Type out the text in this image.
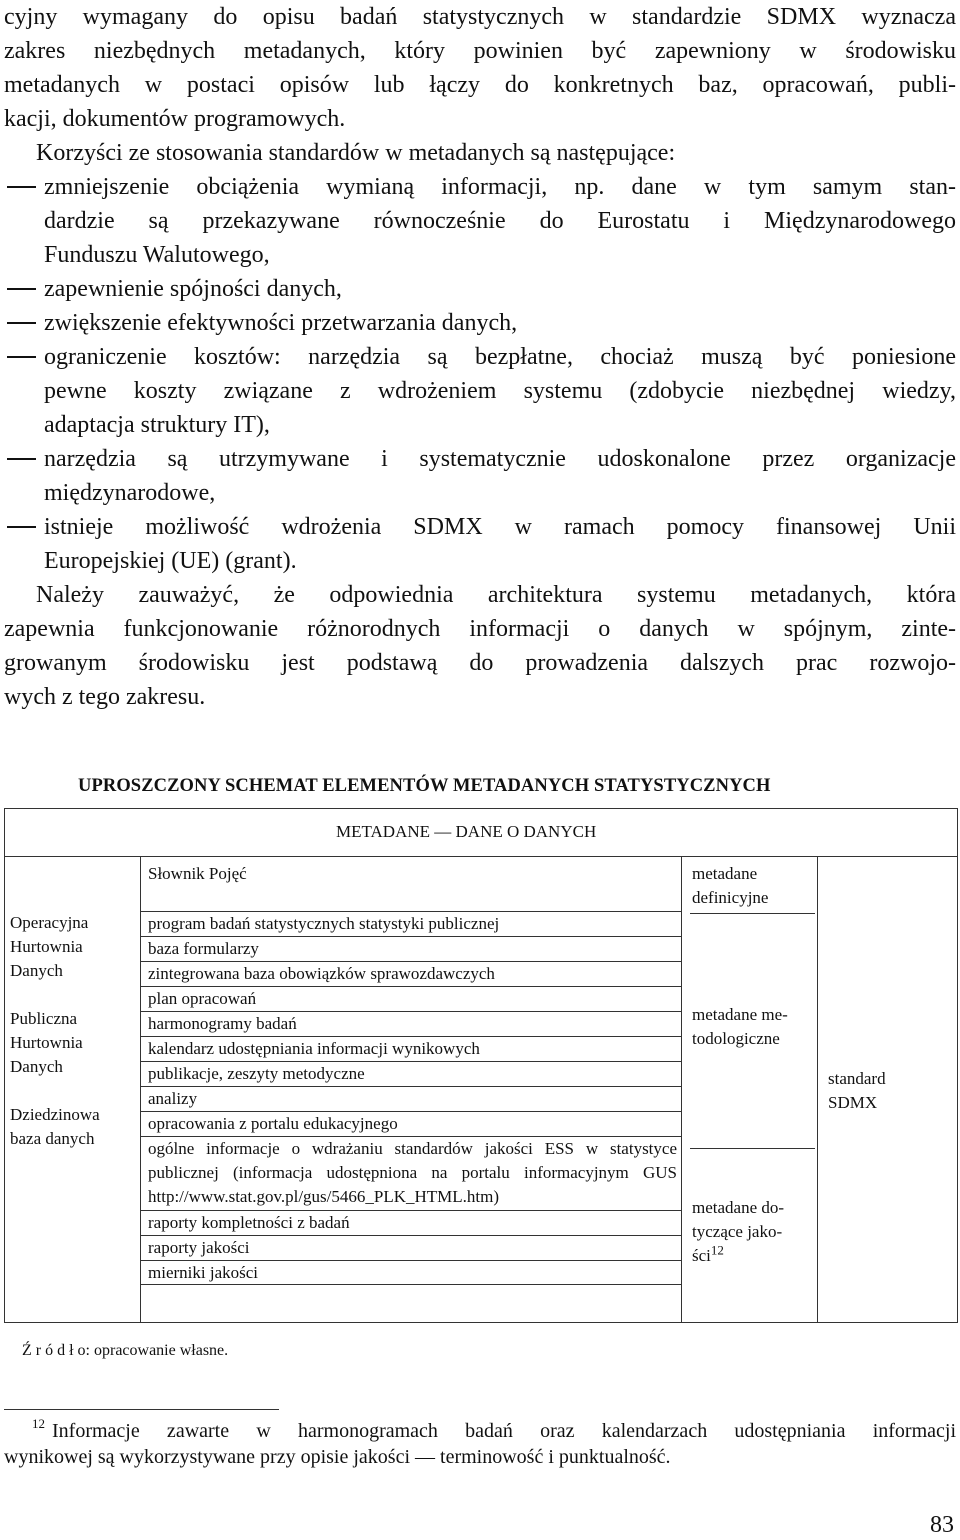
cyjny wymagany do opisu badań statystycznych w standardzie SDMX wyznacza
zakres niezbędnych metadanych, który powinien być zapewniony w środowisku
metadanych w postaci opisów lub łączy do konkretnych baz, opracowań, publi-
kacji, dokumentów programowych.
Korzyści ze stosowania standardów w metadanych są następujące:
zmniejszenie obciążenia wymianą informacji, np. dane w tym samym stan-
dardzie są przekazywane równocześnie do Eurostatu i Międzynarodowego
Funduszu Walutowego,
zapewnienie spójności danych,
zwiększenie efektywności przetwarzania danych,
ograniczenie kosztów: narzędzia są bezpłatne, chociaż muszą być poniesione
pewne koszty związane z wdrożeniem systemu (zdobycie niezbędnej wiedzy,
adaptacja struktury IT),
narzędzia są utrzymywane i systematycznie udoskonalone przez organizacje
międzynarodowe,
istnieje możliwość wdrożenia SDMX w ramach pomocy finansowej Unii
Europejskiej (UE) (grant).
Należy zauważyć, że odpowiednia architektura systemu metadanych, która
zapewnia funkcjonowanie różnorodnych informacji o danych w spójnym, zinte-
growanym środowisku jest podstawą do prowadzenia dalszych prac rozwojo-
wych z tego zakresu.
UPROSZCZONY SCHEMAT ELEMENTÓW METADANYCH STATYSTYCZNYCH
METADANE — DANE O DANYCH
Operacyjna
Hurtownia
Danych
Publiczna
Hurtownia
Danych
Dziedzinowa
baza danych
Słownik Pojęć
program badań statystycznych statystyki publicznej
baza formularzy
zintegrowana baza obowiązków sprawozdawczych
plan opracowań
harmonogramy badań
kalendarz udostępniania informacji wynikowych
publikacje, zeszyty metodyczne
analizy
opracowania z portalu edukacyjnego
ogólne informacje o wdrażaniu standardów jakości ESS w statystyce publicznej (informacja udostępniona na portalu informacyjnym GUS http://www.stat.gov.pl/gus/5466_PLK_HTML.htm)
raporty kompletności z badań
raporty jakości
mierniki jakości
metadane
definicyjne
metadane me-
todologiczne
metadane do-
tyczące jako-
ści$^{12}$
standard
SDMX
Ź r ó d ł o: opracowanie własne.
12 Informacje zawarte w harmonogramach badań oraz kalendarzach udostępniania informacji
wynikowej są wykorzystywane przy opisie jakości — terminowość i punktualność.
83
